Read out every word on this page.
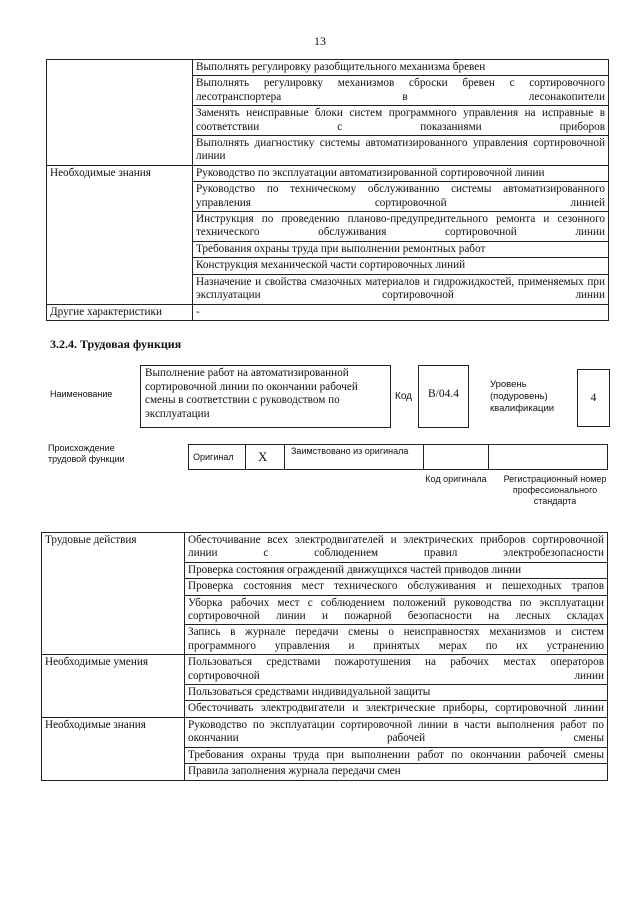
13
	Выполнять регулировку разобщительного механизма бревен
	Выполнять регулировку механизмов сброски бревен с сортировочного лесотранспортера в лесонакопители
	Заменять неисправные блоки систем программного управления на исправные в соответствии с показаниями приборов
	Выполнять диагностику системы автоматизированного управления сортировочной линии
Необходимые знания	Руководство по эксплуатации автоматизированной сортировочной линии
	Руководство по техническому обслуживанию системы автоматизированного управления сортировочной линией
	Инструкция по проведению планово-предупредительного ремонта и сезонного технического обслуживания сортировочной линии
	Требования охраны труда при выполнении ремонтных работ
	Конструкция механической части сортировочных линий
	Назначение и свойства смазочных материалов и гидрожидкостей, применяемых при эксплуатации сортировочной линии
Другие характеристики	-
3.2.4. Трудовая функция
Наименование
Выполнение работ на автоматизированной сортировочной линии по окончании рабочей смены в соответствии с руководством по эксплуатации
Код	B/04.4
Уровень (подуровень) квалификации
4
Происхождение трудовой функции	Оригинал	X	Заимствовано из оригинала
Код оригинала Регистрационный номер профессионального стандарта
Трудовые действия	Обесточивание всех электродвигателей и электрических приборов сортировочной линии с соблюдением правил электробезопасности
	Проверка состояния ограждений движущихся частей приводов линии
	Проверка состояния мест технического обслуживания и пешеходных трапов
	Уборка рабочих мест с соблюдением положений руководства по эксплуатации сортировочной линии и пожарной безопасности на лесных складах
	Запись в журнале передачи смены о неисправностях механизмов и систем программного управления и принятых мерах по их устранению
Необходимые умения	Пользоваться средствами пожаротушения на рабочих местах операторов сортировочной линии
	Пользоваться средствами индивидуальной защиты
	Обесточивать электродвигатели и электрические приборы, сортировочной линии
Необходимые знания	Руководство по эксплуатации сортировочной линии в части выполнения работ по окончании рабочей смены
	Требования охраны труда при выполнении работ по окончании рабочей смены
	Правила заполнения журнала передачи смен
